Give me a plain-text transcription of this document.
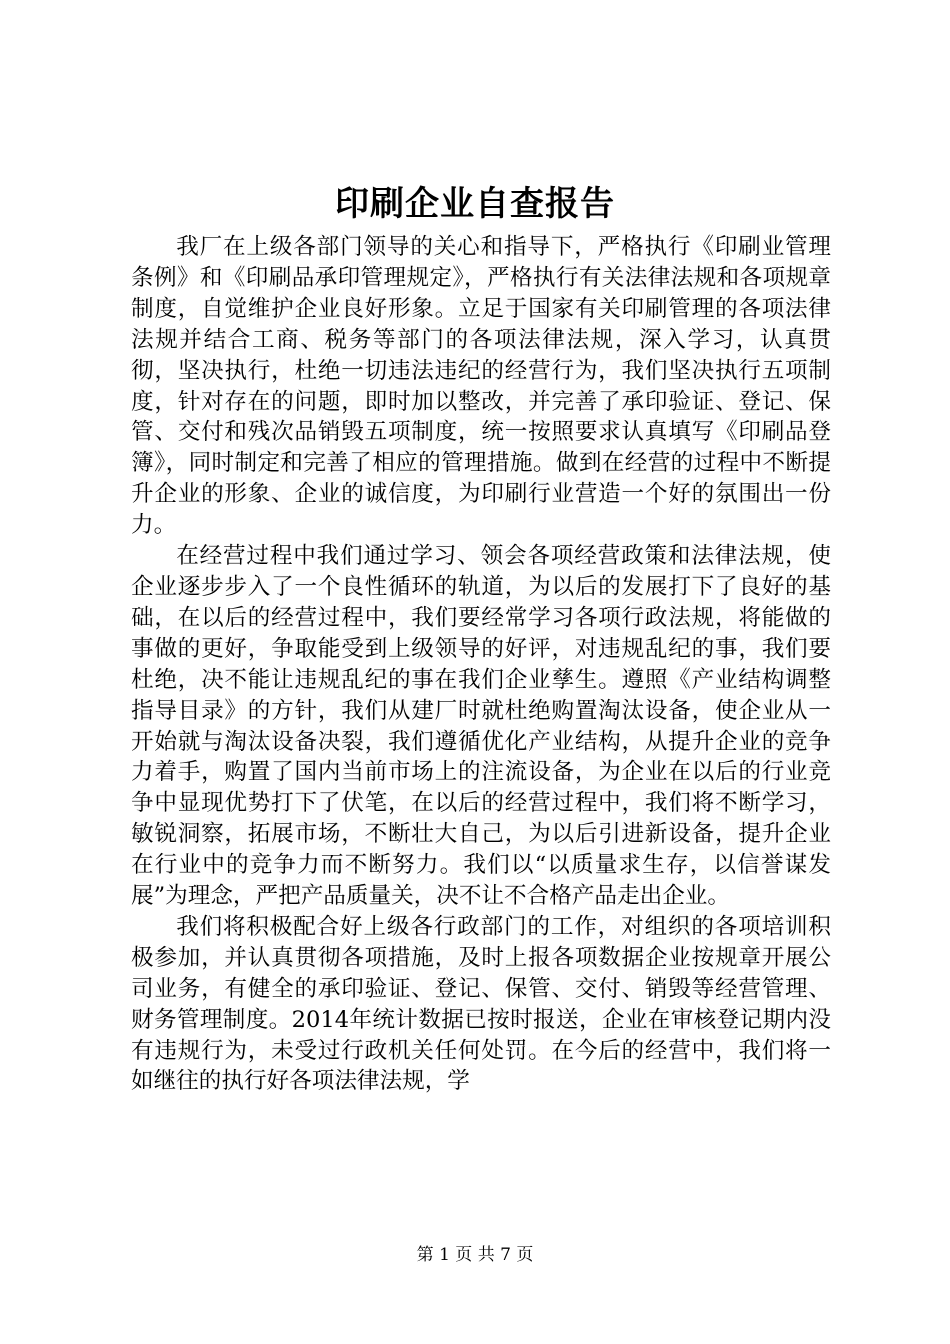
印刷企业自查报告

我厂在上级各部门领导的关心和指导下，严格执行《印刷业管理条例》和《印刷品承印管理规定》，严格执行有关法律法规和各项规章制度，自觉维护企业良好形象。立足于国家有关印刷管理的各项法律法规并结合工商、税务等部门的各项法律法规，深入学习，认真贯彻，坚决执行，杜绝一切违法违纪的经营行为，我们坚决执行五项制度，针对存在的问题，即时加以整改，并完善了承印验证、登记、保管、交付和残次品销毁五项制度，统一按照要求认真填写《印刷品登簿》，同时制定和完善了相应的管理措施。做到在经营的过程中不断提升企业的形象、企业的诚信度，为印刷行业营造一个好的氛围出一份力。

在经营过程中我们通过学习、领会各项经营政策和法律法规，使企业逐步步入了一个良性循环的轨道，为以后的发展打下了良好的基础，在以后的经营过程中，我们要经常学习各项行政法规，将能做的事做的更好，争取能受到上级领导的好评，对违规乱纪的事，我们要杜绝，决不能让违规乱纪的事在我们企业孳生。遵照《产业结构调整指导目录》的方针，我们从建厂时就杜绝购置淘汰设备，使企业从一开始就与淘汰设备决裂，我们遵循优化产业结构，从提升企业的竞争力着手，购置了国内当前市场上的注流设备，为企业在以后的行业竞争中显现优势打下了伏笔，在以后的经营过程中，我们将不断学习，敏锐洞察，拓展市场，不断壮大自己，为以后引进新设备，提升企业在行业中的竞争力而不断努力。我们以“以质量求生存，以信誉谋发展”为理念，严把产品质量关，决不让不合格产品走出企业。

我们将积极配合好上级各行政部门的工作，对组织的各项培训积极参加，并认真贯彻各项措施，及时上报各项数据企业按规章开展公司业务，有健全的承印验证、登记、保管、交付、销毁等经营管理、财务管理制度。2014年统计数据已按时报送，企业在审核登记期内没有违规行为，未受过行政机关任何处罚。在今后的经营中，我们将一如继往的执行好各项法律法规，学

第 1 页 共 7 页
